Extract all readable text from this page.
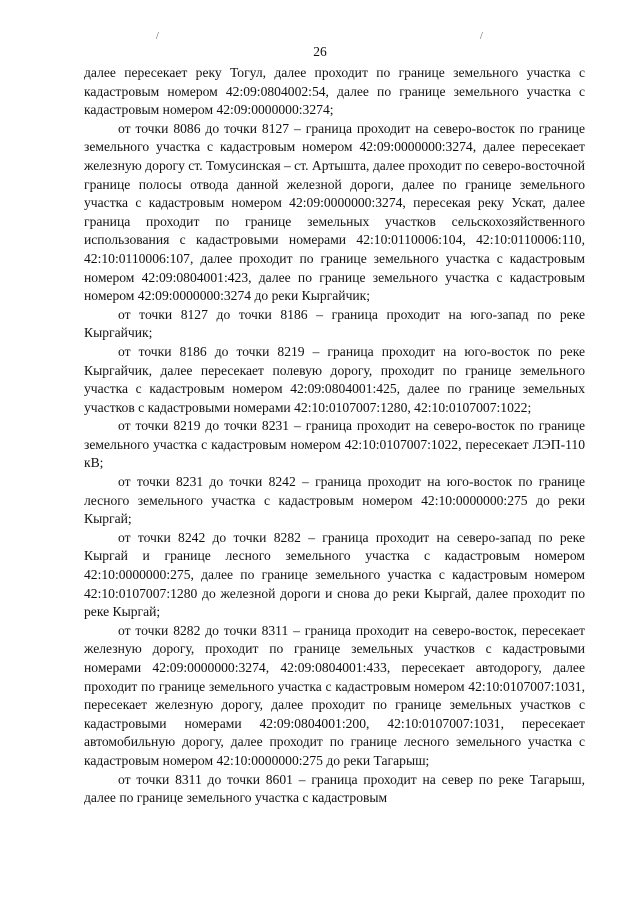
/	/
26

далее пересекает реку Тогул, далее проходит по границе земельного участка с кадастровым номером 42:09:0804002:54, далее по границе земельного участка с кадастровым номером 42:09:0000000:3274;

от точки 8086 до точки 8127 – граница проходит на северо-восток по границе земельного участка с кадастровым номером 42:09:0000000:3274, далее пересекает железную дорогу ст. Томусинская – ст. Артышта, далее проходит по северо-восточной границе полосы отвода данной железной дороги, далее по границе земельного участка с кадастровым номером 42:09:0000000:3274, пересекая реку Ускат, далее граница проходит по границе земельных участков сельскохозяйственного использования с кадастровыми номерами 42:10:0110006:104, 42:10:0110006:110, 42:10:0110006:107, далее проходит по границе земельного участка с кадастровым номером 42:09:0804001:423, далее по границе земельного участка с кадастровым номером 42:09:0000000:3274 до реки Кыргайчик;

от точки 8127 до точки 8186 – граница проходит на юго-запад по реке Кыргайчик;

от точки 8186 до точки 8219 – граница проходит на юго-восток по реке Кыргайчик, далее пересекает полевую дорогу, проходит по границе земельного участка с кадастровым номером 42:09:0804001:425, далее по границе земельных участков с кадастровыми номерами 42:10:0107007:1280, 42:10:0107007:1022;

от точки 8219 до точки 8231 – граница проходит на северо-восток по границе земельного участка с кадастровым номером 42:10:0107007:1022, пересекает ЛЭП-110 кВ;

от точки 8231 до точки 8242 – граница проходит на юго-восток по границе лесного земельного участка с кадастровым номером 42:10:0000000:275 до реки Кыргай;

от точки 8242 до точки 8282 – граница проходит на северо-запад по реке Кыргай и границе лесного земельного участка с кадастровым номером 42:10:0000000:275, далее по границе земельного участка с кадастровым номером 42:10:0107007:1280 до железной дороги и снова до реки Кыргай, далее проходит по реке Кыргай;

от точки 8282 до точки 8311 – граница проходит на северо-восток, пересекает железную дорогу, проходит по границе земельных участков с кадастровыми номерами 42:09:0000000:3274, 42:09:0804001:433, пересекает автодорогу, далее проходит по границе земельного участка с кадастровым номером 42:10:0107007:1031, пересекает железную дорогу, далее проходит по границе земельных участков с кадастровыми номерами 42:09:0804001:200, 42:10:0107007:1031, пересекает автомобильную дорогу, далее проходит по границе лесного земельного участка с кадастровым номером 42:10:0000000:275 до реки Тагарыш;

от точки 8311 до точки 8601 – граница проходит на север по реке Тагарыш, далее по границе земельного участка с кадастровым
